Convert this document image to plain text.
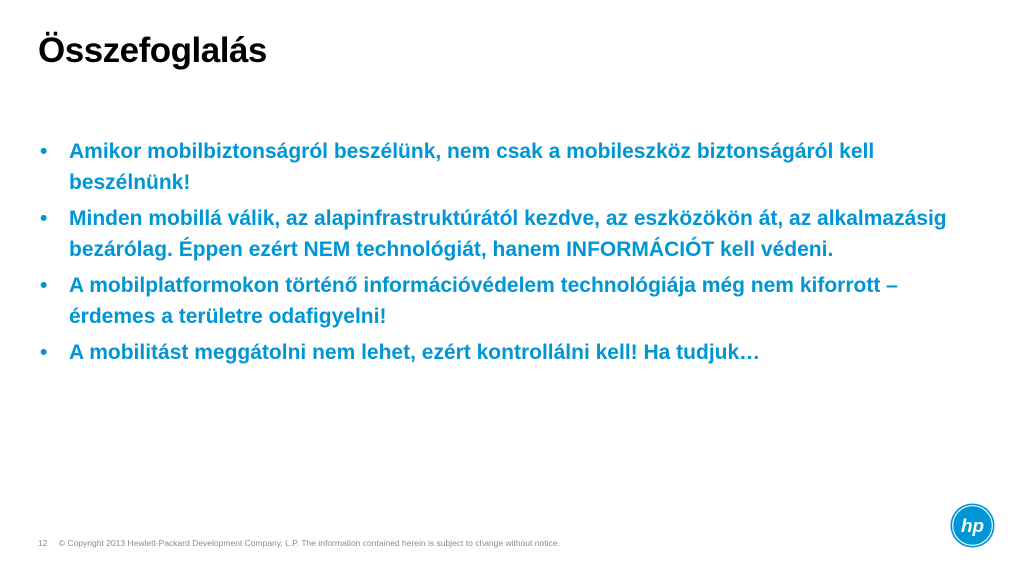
Összefoglalás
• Amikor mobilbiztonságról beszélünk, nem csak a mobileszköz biztonságáról kell beszélnünk!
• Minden mobillá válik, az alapinfrastruktúrától kezdve, az eszközökön át, az alkalmazásig bezárólag. Éppen ezért NEM technológiát, hanem INFORMÁCIÓT kell védeni.
• A mobilplatformokon történő információvédelem technológiája még nem kiforrott – érdemes a területre odafigyelni!
• A mobilitást meggátolni nem lehet, ezért kontrollálni kell! Ha tudjuk…
12 © Copyright 2013 Hewlett-Packard Development Company, L.P. The information contained herein is subject to change without notice.
hp
